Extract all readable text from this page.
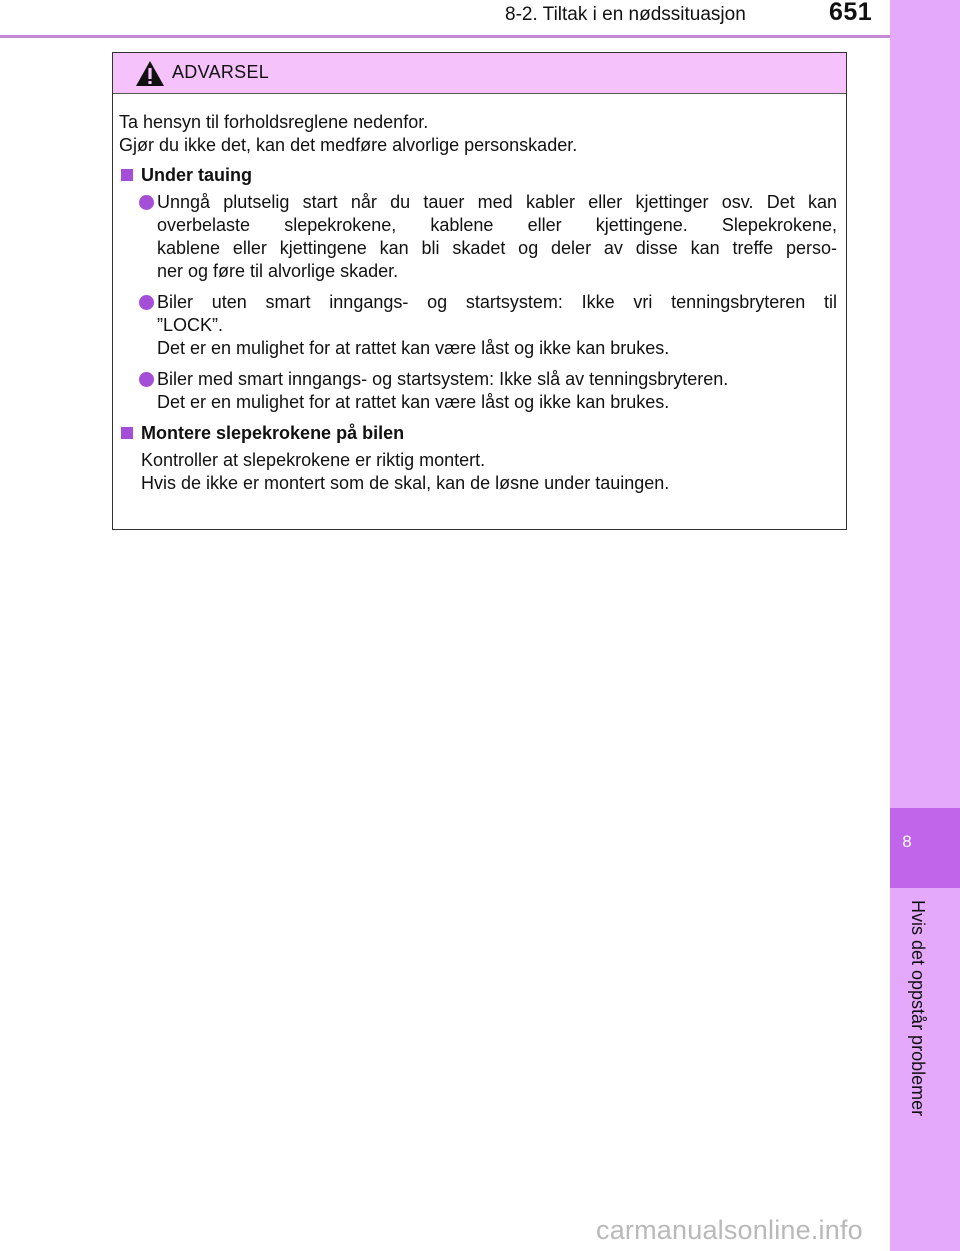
8-2. Tiltak i en nødssituasjon	651
8
Hvis det oppstår problemer
ADVARSEL
Ta hensyn til forholdsreglene nedenfor.
Gjør du ikke det, kan det medføre alvorlige personskader.
Under tauing
Unngå plutselig start når du tauer med kabler eller kjettinger osv. Det kan
overbelaste slepekrokene, kablene eller kjettingene. Slepekrokene,
kablene eller kjettingene kan bli skadet og deler av disse kan treffe perso-
ner og føre til alvorlige skader.
Biler uten smart inngangs- og startsystem: Ikke vri tenningsbryteren til
”LOCK”.
Det er en mulighet for at rattet kan være låst og ikke kan brukes.
Biler med smart inngangs- og startsystem: Ikke slå av tenningsbryteren.
Det er en mulighet for at rattet kan være låst og ikke kan brukes.
Montere slepekrokene på bilen
Kontroller at slepekrokene er riktig montert.
Hvis de ikke er montert som de skal, kan de løsne under tauingen.
carmanualsonline.info
